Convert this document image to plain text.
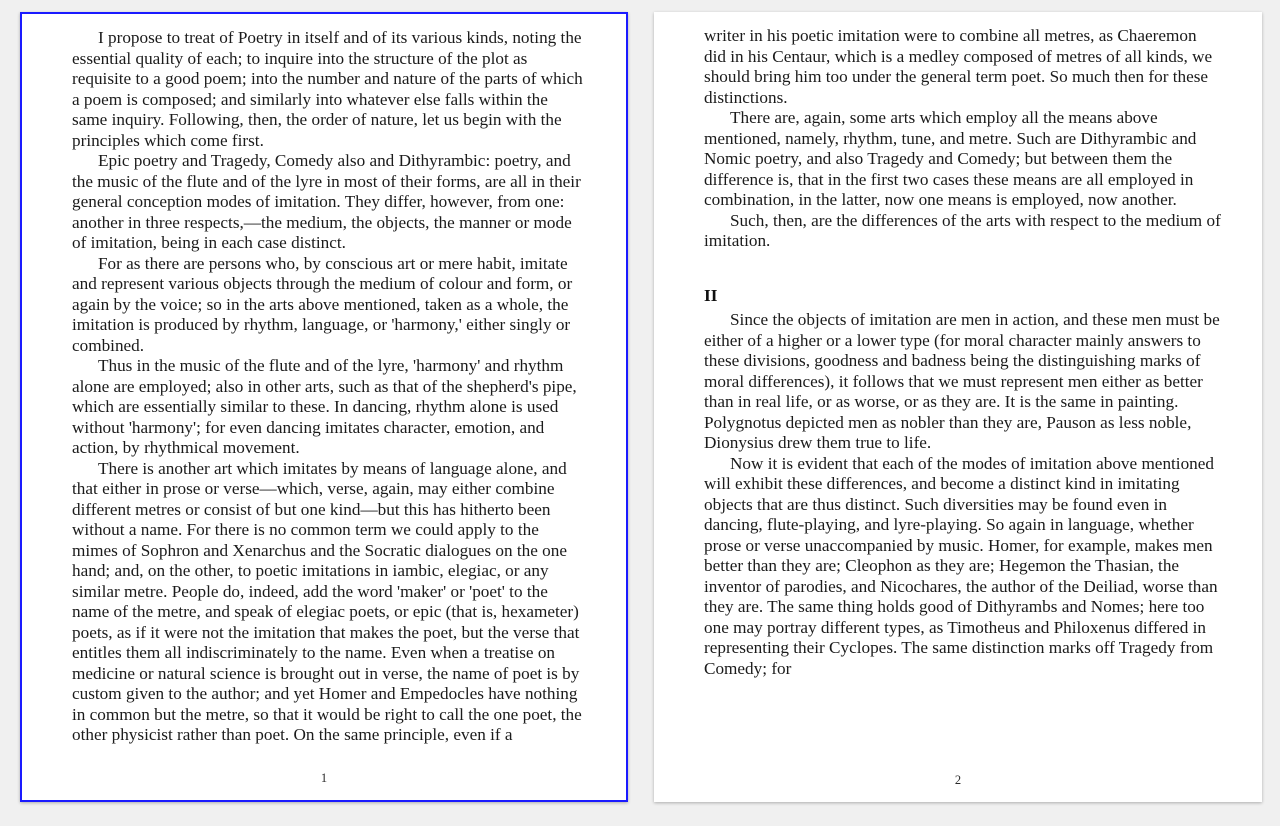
I propose to treat of Poetry in itself and of its various kinds, noting the essential quality of each; to inquire into the structure of the plot as requisite to a good poem; into the number and nature of the parts of which a poem is composed; and similarly into whatever else falls within the same inquiry. Following, then, the order of nature, let us begin with the principles which come first.

Epic poetry and Tragedy, Comedy also and Dithyrambic: poetry, and the music of the flute and of the lyre in most of their forms, are all in their general conception modes of imitation. They differ, however, from one: another in three respects,—the medium, the objects, the manner or mode of imitation, being in each case distinct.

For as there are persons who, by conscious art or mere habit, imitate and represent various objects through the medium of colour and form, or again by the voice; so in the arts above mentioned, taken as a whole, the imitation is produced by rhythm, language, or 'harmony,' either singly or combined.

Thus in the music of the flute and of the lyre, 'harmony' and rhythm alone are employed; also in other arts, such as that of the shepherd's pipe, which are essentially similar to these. In dancing, rhythm alone is used without 'harmony'; for even dancing imitates character, emotion, and action, by rhythmical movement.

There is another art which imitates by means of language alone, and that either in prose or verse—which, verse, again, may either combine different metres or consist of but one kind—but this has hitherto been without a name. For there is no common term we could apply to the mimes of Sophron and Xenarchus and the Socratic dialogues on the one hand; and, on the other, to poetic imitations in iambic, elegiac, or any similar metre. People do, indeed, add the word 'maker' or 'poet' to the name of the metre, and speak of elegiac poets, or epic (that is, hexameter) poets, as if it were not the imitation that makes the poet, but the verse that entitles them all indiscriminately to the name. Even when a treatise on medicine or natural science is brought out in verse, the name of poet is by custom given to the author; and yet Homer and Empedocles have nothing in common but the metre, so that it would be right to call the one poet, the other physicist rather than poet. On the same principle, even if a

1

writer in his poetic imitation were to combine all metres, as Chaeremon did in his Centaur, which is a medley composed of metres of all kinds, we should bring him too under the general term poet. So much then for these distinctions.

There are, again, some arts which employ all the means above mentioned, namely, rhythm, tune, and metre. Such are Dithyrambic and Nomic poetry, and also Tragedy and Comedy; but between them the difference is, that in the first two cases these means are all employed in combination, in the latter, now one means is employed, now another.

Such, then, are the differences of the arts with respect to the medium of imitation.

II

Since the objects of imitation are men in action, and these men must be either of a higher or a lower type (for moral character mainly answers to these divisions, goodness and badness being the distinguishing marks of moral differences), it follows that we must represent men either as better than in real life, or as worse, or as they are. It is the same in painting. Polygnotus depicted men as nobler than they are, Pauson as less noble, Dionysius drew them true to life.

Now it is evident that each of the modes of imitation above mentioned will exhibit these differences, and become a distinct kind in imitating objects that are thus distinct. Such diversities may be found even in dancing, flute-playing, and lyre-playing. So again in language, whether prose or verse unaccompanied by music. Homer, for example, makes men better than they are; Cleophon as they are; Hegemon the Thasian, the inventor of parodies, and Nicochares, the author of the Deiliad, worse than they are. The same thing holds good of Dithyrambs and Nomes; here too one may portray different types, as Timotheus and Philoxenus differed in representing their Cyclopes. The same distinction marks off Tragedy from Comedy; for

2
